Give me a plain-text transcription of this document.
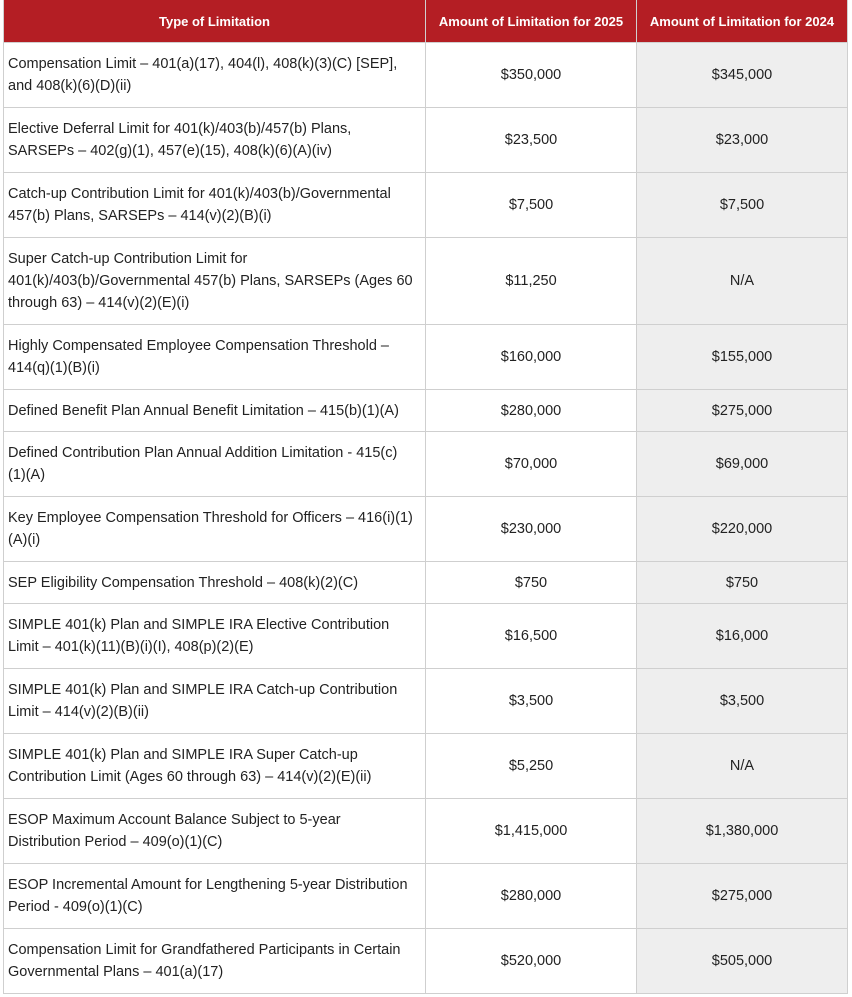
Type of Limitation	Amount of Limitation for 2025	Amount of Limitation for 2024
Compensation Limit – 401(a)(17), 404(l), 408(k)(3)(C) [SEP], and 408(k)(6)(D)(ii)	$350,000	$345,000
Elective Deferral Limit for 401(k)/403(b)/457(b) Plans, SARSEPs – 402(g)(1), 457(e)(15), 408(k)(6)(A)(iv)	$23,500	$23,000
Catch-up Contribution Limit for 401(k)/403(b)/Governmental 457(b) Plans, SARSEPs – 414(v)(2)(B)(i)	$7,500	$7,500
Super Catch-up Contribution Limit for 401(k)/403(b)/Governmental 457(b) Plans, SARSEPs (Ages 60 through 63) – 414(v)(2)(E)(i)	$11,250	N/A
Highly Compensated Employee Compensation Threshold – 414(q)(1)(B)(i)	$160,000	$155,000
Defined Benefit Plan Annual Benefit Limitation – 415(b)(1)(A)	$280,000	$275,000
Defined Contribution Plan Annual Addition Limitation - 415(c)(1)(A)	$70,000	$69,000
Key Employee Compensation Threshold for Officers – 416(i)(1)(A)(i)	$230,000	$220,000
SEP Eligibility Compensation Threshold – 408(k)(2)(C)	$750	$750
SIMPLE 401(k) Plan and SIMPLE IRA Elective Contribution Limit – 401(k)(11)(B)(i)(I), 408(p)(2)(E)	$16,500	$16,000
SIMPLE 401(k) Plan and SIMPLE IRA Catch-up Contribution Limit – 414(v)(2)(B)(ii)	$3,500	$3,500
SIMPLE 401(k) Plan and SIMPLE IRA Super Catch-up Contribution Limit (Ages 60 through 63) – 414(v)(2)(E)(ii)	$5,250	N/A
ESOP Maximum Account Balance Subject to 5-year Distribution Period – 409(o)(1)(C)	$1,415,000	$1,380,000
ESOP Incremental Amount for Lengthening 5-year Distribution Period - 409(o)(1)(C)	$280,000	$275,000
Compensation Limit for Grandfathered Participants in Certain Governmental Plans – 401(a)(17)	$520,000	$505,000
